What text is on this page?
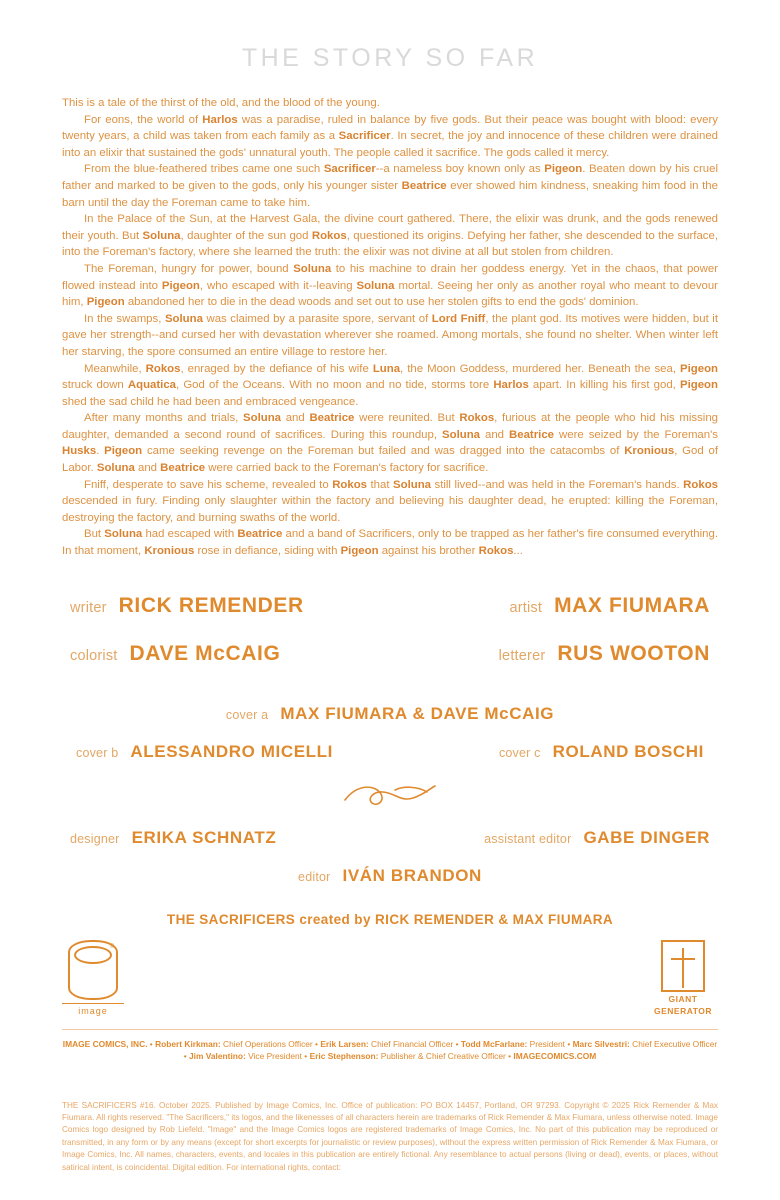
THE STORY SO FAR

This is a tale of the thirst of the old, and the blood of the young.

For eons, the world of Harlos was a paradise, ruled in balance by five gods. But their peace was bought with blood: every twenty years, a child was taken from each family as a Sacrificer. In secret, the joy and innocence of these children were drained into an elixir that sustained the gods' unnatural youth. The people called it sacrifice. The gods called it mercy.

From the blue-feathered tribes came one such Sacrificer--a nameless boy known only as Pigeon. Beaten down by his cruel father and marked to be given to the gods, only his younger sister Beatrice ever showed him kindness, sneaking him food in the barn until the day the Foreman came to take him.

In the Palace of the Sun, at the Harvest Gala, the divine court gathered. There, the elixir was drunk, and the gods renewed their youth. But Soluna, daughter of the sun god Rokos, questioned its origins. Defying her father, she descended to the surface, into the Foreman's factory, where she learned the truth: the elixir was not divine at all but stolen from children.

The Foreman, hungry for power, bound Soluna to his machine to drain her goddess energy. Yet in the chaos, that power flowed instead into Pigeon, who escaped with it--leaving Soluna mortal. Seeing her only as another royal who meant to devour him, Pigeon abandoned her to die in the dead woods and set out to use her stolen gifts to end the gods' dominion.

In the swamps, Soluna was claimed by a parasite spore, servant of Lord Fniff, the plant god. Its motives were hidden, but it gave her strength--and cursed her with devastation wherever she roamed. Among mortals, she found no shelter. When winter left her starving, the spore consumed an entire village to restore her.

Meanwhile, Rokos, enraged by the defiance of his wife Luna, the Moon Goddess, murdered her. Beneath the sea, Pigeon struck down Aquatica, God of the Oceans. With no moon and no tide, storms tore Harlos apart. In killing his first god, Pigeon shed the sad child he had been and embraced vengeance.

After many months and trials, Soluna and Beatrice were reunited. But Rokos, furious at the people who hid his missing daughter, demanded a second round of sacrifices. During this roundup, Soluna and Beatrice were seized by the Foreman's Husks. Pigeon came seeking revenge on the Foreman but failed and was dragged into the catacombs of Kronious, God of Labor. Soluna and Beatrice were carried back to the Foreman's factory for sacrifice.

Fniff, desperate to save his scheme, revealed to Rokos that Soluna still lived--and was held in the Foreman's hands. Rokos descended in fury. Finding only slaughter within the factory and believing his daughter dead, he erupted: killing the Foreman, destroying the factory, and burning swaths of the world.

But Soluna had escaped with Beatrice and a band of Sacrificers, only to be trapped as her father's fire consumed everything. In that moment, Kronious rose in defiance, siding with Pigeon against his brother Rokos...

writer RICK REMENDER	artist MAX FIUMARA
colorist DAVE McCAIG	letterer RUS WOOTON
cover a MAX FIUMARA & DAVE McCAIG
cover b ALESSANDRO MICELLI	cover c ROLAND BOSCHI
designer ERIKA SCHNATZ	assistant editor GABE DINGER
editor IVÁN BRANDON
THE SACRIFICERS created by RICK REMENDER & MAX FIUMARA
®
image
GIANT
GENERATOR
IMAGE COMICS, INC. • Robert Kirkman: Chief Operations Officer • Erik Larsen: Chief Financial Officer • Todd McFarlane: President • Marc Silvestri: Chief Executive Officer • Jim Valentino: Vice President • Eric Stephenson: Publisher & Chief Creative Officer • IMAGECOMICS.COM
THE SACRIFICERS #16. October 2025. Published by Image Comics, Inc. Office of publication: PO BOX 14457, Portland, OR 97293. Copyright © 2025 Rick Remender & Max Fiumara. All rights reserved. "The Sacrificers," its logos, and the likenesses of all characters herein are trademarks of Rick Remender & Max Fiumara, unless otherwise noted. Image Comics logo designed by Rob Liefeld. "Image" and the Image Comics logos are registered trademarks of Image Comics, Inc. No part of this publication may be reproduced or transmitted, in any form or by any means (except for short excerpts for journalistic or review purposes), without the express written permission of Rick Remender & Max Fiumara, or Image Comics, Inc. All names, characters, events, and locales in this publication are entirely fictional. Any resemblance to actual persons (living or dead), events, or places, without satirical intent, is coincidental. Digital edition. For international rights, contact:
